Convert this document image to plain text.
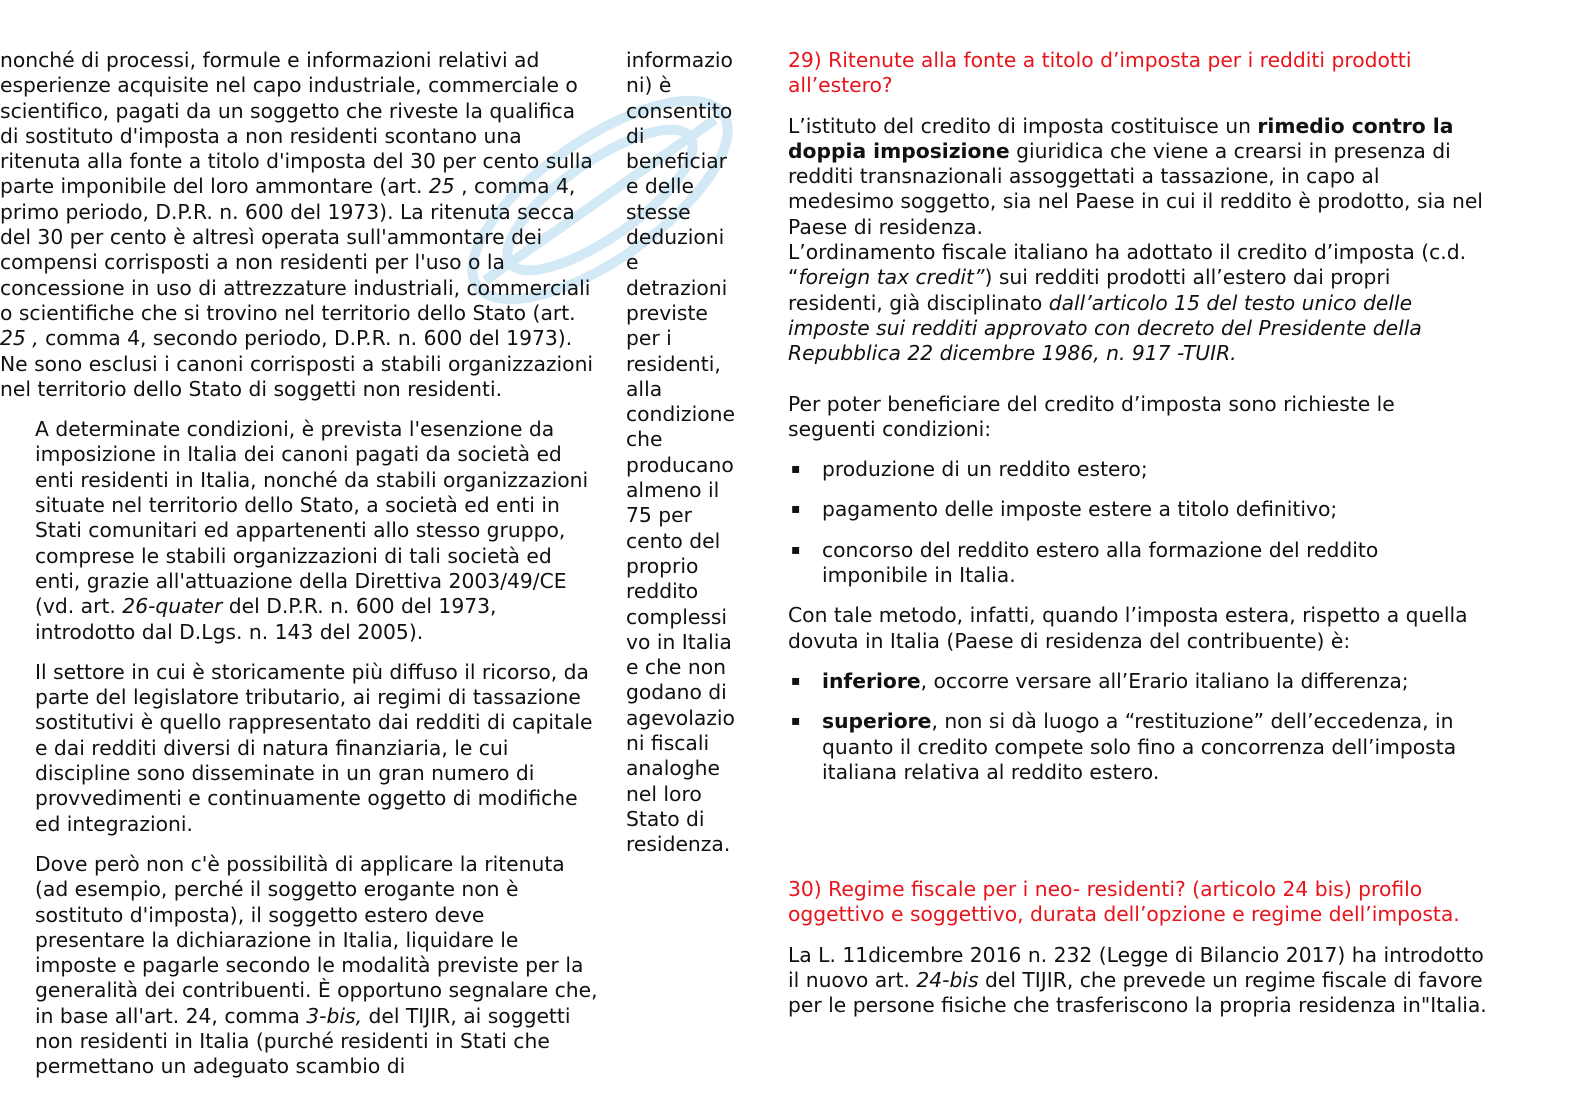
nonché di processi, formule e informazioni relativi ad esperienze acquisite nel capo industriale, commerciale o scientifico, pagati da un soggetto che riveste la qualifica di sostituto d'imposta a non residenti scontano una ritenuta alla fonte a titolo d'imposta del 30 per cento sulla parte imponibile del loro ammontare (art. 25 , comma 4, primo periodo, D.P.R. n. 600 del 1973). La ritenuta secca del 30 per cento è altresì operata sull'ammontare dei compensi corrisposti a non residenti per l'uso o la concessione in uso di attrezzature industriali, commerciali o scientifiche che si trovino nel territorio dello Stato (art. 25 , comma 4, secondo periodo, D.P.R. n. 600 del 1973). Ne sono esclusi i canoni corrisposti a stabili organizzazioni nel territorio dello Stato di soggetti non residenti.

A determinate condizioni, è prevista l'esenzione da imposizione in Italia dei canoni pagati da società ed enti residenti in Italia, nonché da stabili organizzazioni situate nel territorio dello Stato, a società ed enti in Stati comunitari ed appartenenti allo stesso gruppo, comprese le stabili organizzazioni di tali società ed enti, grazie all'attuazione della Direttiva 2003/49/CE (vd. art. 26-quater del D.P.R. n. 600 del 1973, introdotto dal D.Lgs. n. 143 del 2005).

Il settore in cui è storicamente più diffuso il ricorso, da parte del legislatore tributario, ai regimi di tassazione sostitutivi è quello rappresentato dai redditi di capitale e dai redditi diversi di natura finanziaria, le cui discipline sono disseminate in un gran numero di provvedimenti e continuamente oggetto di modifiche ed integrazioni.

Dove però non c'è possibilità di applicare la ritenuta (ad esempio, perché il soggetto erogante non è sostituto d'imposta), il soggetto estero deve presentare la dichiarazione in Italia, liquidare le imposte e pagarle secondo le modalità previste per la generalità dei contribuenti. È opportuno segnalare che, in base all'art. 24, comma 3-bis, del TIJIR, ai soggetti non residenti in Italia (purché residenti in Stati che permettano un adeguato scambio di

informazio
ni) è
consentito
di
beneficiar
e delle
stesse
deduzioni
e
detrazioni
previste
per i
residenti,
alla
condizione
che
producano
almeno il
75 per
cento del
proprio
reddito
complessi
vo in Italia
e che non
godano di
agevolazio
ni fiscali
analoghe
nel loro
Stato di
residenza.

29) Ritenute alla fonte a titolo d’imposta per i redditi prodotti all’estero?

L’istituto del credito di imposta costituisce un rimedio contro la doppia imposizione giuridica che viene a crearsi in presenza di redditi transnazionali assoggettati a tassazione, in capo al medesimo soggetto, sia nel Paese in cui il reddito è prodotto, sia nel Paese di residenza.

L’ordinamento fiscale italiano ha adottato il credito d’imposta (c.d. “foreign tax credit”) sui redditi prodotti all’estero dai propri residenti, già disciplinato dall’articolo 15 del testo unico delle imposte sui redditi approvato con decreto del Presidente della Repubblica 22 dicembre 1986, n. 917 -TUIR.

Per poter beneficiare del credito d’imposta sono richieste le seguenti condizioni:

▪ produzione di un reddito estero;
▪ pagamento delle imposte estere a titolo definitivo;
▪ concorso del reddito estero alla formazione del reddito imponibile in Italia.

Con tale metodo, infatti, quando l’imposta estera, rispetto a quella dovuta in Italia (Paese di residenza del contribuente) è:

▪ inferiore, occorre versare all’Erario italiano la differenza;
▪ superiore, non si dà luogo a “restituzione” dell’eccedenza, in quanto il credito compete solo fino a concorrenza dell’imposta italiana relativa al reddito estero.

30) Regime fiscale per i neo- residenti? (articolo 24 bis) profilo oggettivo e soggettivo, durata dell’opzione e regime dell’imposta.

La L. 11dicembre 2016 n. 232 (Legge di Bilancio 2017) ha introdotto il nuovo art. 24-bis del TIJIR, che prevede un regime fiscale di favore per le persone fisiche che trasferiscono la propria residenza in"Italia.
